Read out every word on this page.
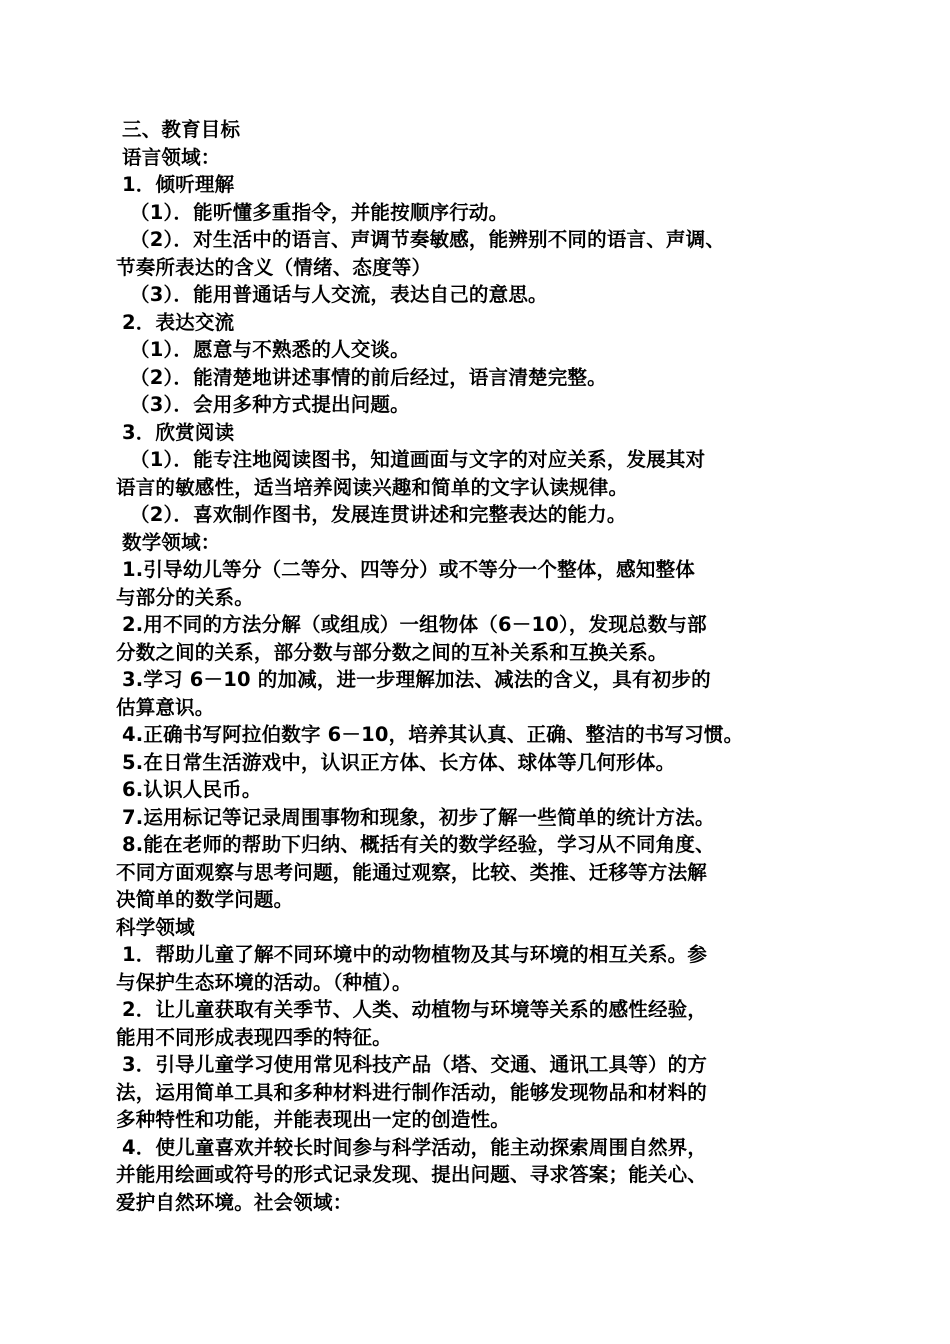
三、教育目标
语言领域：
1．倾听理解
（1）．能听懂多重指令，并能按顺序行动。
（2）．对生活中的语言、声调节奏敏感，能辨别不同的语言、声调、
节奏所表达的含义（情绪、态度等）
（3）．能用普通话与人交流，表达自己的意思。
2．表达交流
（1）．愿意与不熟悉的人交谈。
（2）．能清楚地讲述事情的前后经过，语言清楚完整。
（3）．会用多种方式提出问题。
3．欣赏阅读
（1）．能专注地阅读图书，知道画面与文字的对应关系，发展其对
语言的敏感性，适当培养阅读兴趣和简单的文字认读规律。
（2）．喜欢制作图书，发展连贯讲述和完整表达的能力。
数学领域：
1.引导幼儿等分（二等分、四等分）或不等分一个整体，感知整体
与部分的关系。
2.用不同的方法分解（或组成）一组物体（6－10），发现总数与部
分数之间的关系，部分数与部分数之间的互补关系和互换关系。
3.学习 6－10 的加减，进一步理解加法、减法的含义，具有初步的
估算意识。
4.正确书写阿拉伯数字 6－10，培养其认真、正确、整洁的书写习惯。
5.在日常生活游戏中，认识正方体、长方体、球体等几何形体。
6.认识人民币。
7.运用标记等记录周围事物和现象，初步了解一些简单的统计方法。
8.能在老师的帮助下归纳、概括有关的数学经验，学习从不同角度、
不同方面观察与思考问题，能通过观察，比较、类推、迁移等方法解
决简单的数学问题。
科学领域
1．帮助儿童了解不同环境中的动物植物及其与环境的相互关系。参
与保护生态环境的活动。（种植）。
2．让儿童获取有关季节、人类、动植物与环境等关系的感性经验，
能用不同形成表现四季的特征。
3．引导儿童学习使用常见科技产品（塔、交通、通讯工具等）的方
法，运用简单工具和多种材料进行制作活动，能够发现物品和材料的
多种特性和功能，并能表现出一定的创造性。
4．使儿童喜欢并较长时间参与科学活动，能主动探索周围自然界，
并能用绘画或符号的形式记录发现、提出问题、寻求答案；能关心、
爱护自然环境。社会领域：
